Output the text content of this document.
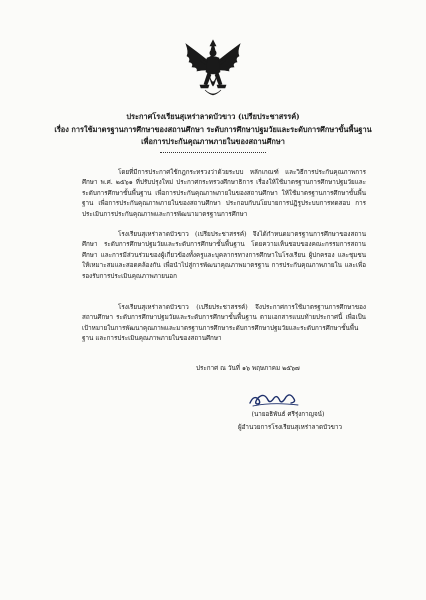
ประกาศโรงเรียนสุเหร่าลาดบัวขาว (เปรียประชาสรรค์)
เรื่อง การใช้มาตรฐานการศึกษาของสถานศึกษา ระดับการศึกษาปฐมวัยและระดับการศึกษาขั้นพื้นฐาน
เพื่อการประกันคุณภาพภายในของสถานศึกษา
โดยที่มีการประกาศใช้กฎกระทรวงว่าด้วยระบบ หลักเกณฑ์ และวิธีการประกันคุณภาพการศึกษา พ.ศ. ๒๕๖๑ ที่ปรับปรุงใหม่ ประกาศกระทรวงศึกษาธิการ เรื่องให้ใช้มาตรฐานการศึกษาปฐมวัยและระดับการศึกษาขั้นพื้นฐาน เพื่อการประกันคุณภาพภายในของสถานศึกษา ให้ใช้มาตรฐานการศึกษาขั้นพื้นฐาน เพื่อการประกันคุณภาพภายในของสถานศึกษา ประกอบกับนโยบายการปฏิรูประบบการทดสอบ การประเมินการประกันคุณภาพและการพัฒนามาตรฐานการศึกษา
โรงเรียนสุเหร่าลาดบัวขาว (เปรียประชาสรรค์) จึงได้กำหนดมาตรฐานการศึกษาของสถานศึกษา ระดับการศึกษาปฐมวัยและระดับการศึกษาขั้นพื้นฐาน โดยความเห็นชอบของคณะกรรมการสถานศึกษา และการมีส่วนร่วมของผู้เกี่ยวข้องทั้งครูและบุคลากรทางการศึกษาในโรงเรียน ผู้ปกครอง และชุมชน ให้เหมาะสมและสอดคล้องกัน เพื่อนำไปสู่การพัฒนาคุณภาพมาตรฐาน การประกันคุณภาพภายใน และเพื่อรองรับการประเมินคุณภาพภายนอก
โรงเรียนสุเหร่าลาดบัวขาว (เปรียประชาสรรค์) จึงประกาศการใช้มาตรฐานการศึกษาของสถานศึกษา ระดับการศึกษาปฐมวัยและระดับการศึกษาขั้นพื้นฐาน ตามเอกสารแนบท้ายประกาศนี้ เพื่อเป็นเป้าหมายในการพัฒนาคุณภาพและมาตรฐานการศึกษาระดับการศึกษาปฐมวัยและระดับการศึกษาขั้นพื้นฐาน และการประเมินคุณภาพภายในของสถานศึกษา
ประกาศ ณ วันที่ ๑๖ พฤษภาคม ๒๕๖๗
(นายอธิพันธ์ ศรีรุ่งกาญจน์)
ผู้อำนวยการโรงเรียนสุเหร่าลาดบัวขาว
